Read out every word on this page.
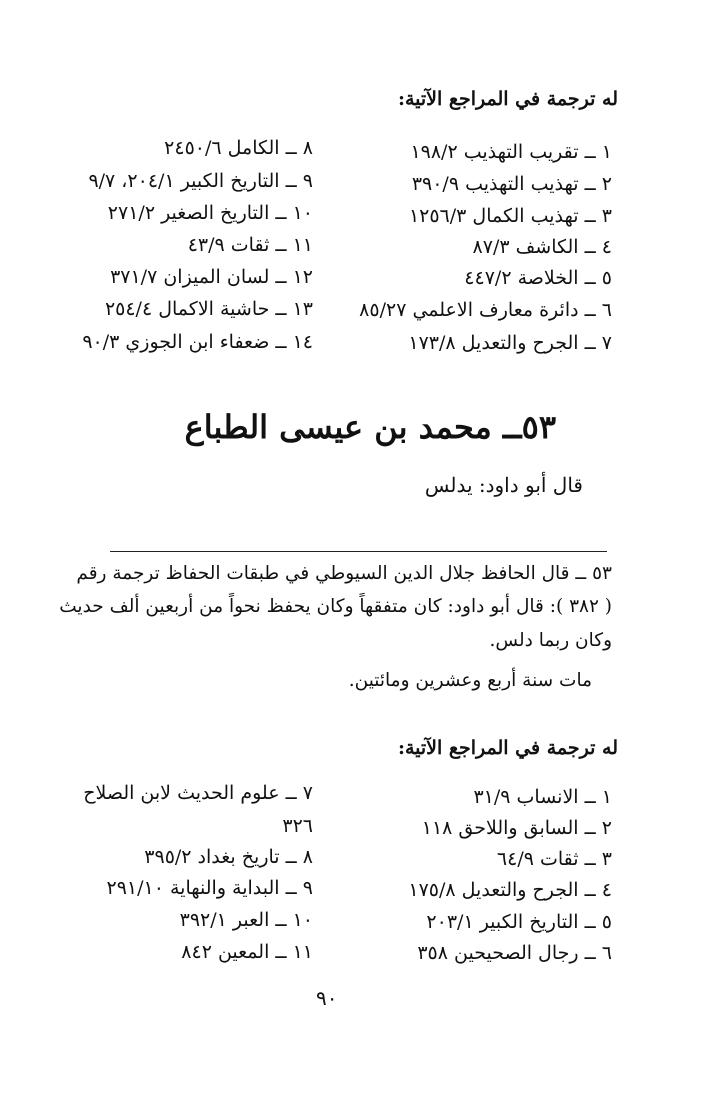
له ترجمة في المراجع الآتية:
١ ــ تقريب التهذيب ١٩٨/٢
٢ ــ تهذيب التهذيب ٣٩٠/٩
٣ ــ تهذيب الكمال ١٢٥٦/٣
٤ ــ الكاشف ٨٧/٣
٥ ــ الخلاصة ٤٤٧/٢
٦ ــ دائرة معارف الاعلمي ٨٥/٢٧
٧ ــ الجرح والتعديل ١٧٣/٨
٨ ــ الكامل ٢٤٥٠/٦
٩ ــ التاريخ الكبير ٢٠٤/١، ٩/٧
١٠ ــ التاريخ الصغير ٢٧١/٢
١١ ــ ثقات ٤٣/٩
١٢ ــ لسان الميزان ٣٧١/٧
١٣ ــ حاشية الاكمال ٢٥٤/٤
١٤ ــ ضعفاء ابن الجوزي ٩٠/٣
٥٣ــ محمد بن عيسى الطباع
قال أبو داود: يدلس
٥٣ ــ قال الحافظ جلال الدين السيوطي في طبقات الحفاظ ترجمة رقم
( ٣٨٢ ): قال أبو داود: كان متفقهاً وكان يحفظ نحواً من أربعين ألف حديث
وكان ربما دلس.
مات سنة أربع وعشرين ومائتين.
له ترجمة في المراجع الآتية:
١ ــ الانساب ٣١/٩
٢ ــ السابق واللاحق ١١٨
٣ ــ ثقات ٦٤/٩
٤ ــ الجرح والتعديل ١٧٥/٨
٥ ــ التاريخ الكبير ٢٠٣/١
٦ ــ رجال الصحيحين ٣٥٨
٧ ــ علوم الحديث لابن الصلاح
٣٢٦
٨ ــ تاريخ بغداد ٣٩٥/٢
٩ ــ البداية والنهاية ٢٩١/١٠
١٠ ــ العبر ٣٩٢/١
١١ ــ المعين ٨٤٢
٩٠
